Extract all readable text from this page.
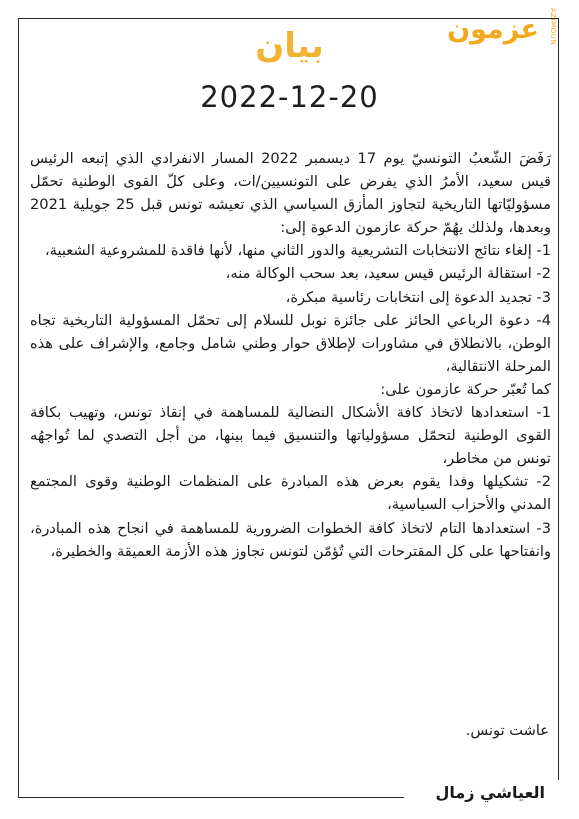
عزمون AZIMOUN
بيان
2022-12-20

رَفَضَ الشّعبُ التونسيّ يوم 17 ديسمبر 2022 المسار الانفرادي الذي إتبعه الرئيس قيس سعيد، الأمرُ الذي يفرض على التونسيين/ات، وعلى كلّ القوى الوطنية تحمّل مسؤوليّاتها التاريخية لتجاوز المأزق السياسي الذي تعيشه تونس قبل 25 جويلية 2021 وبعدها، ولذلك يهُمّ حركة عازمون الدعوة إلى:

1- إلغاء نتائج الانتخابات التشريعية والدور الثاني منها، لأنها فاقدة للمشروعية الشعبية،

2- استقالة الرئيس قيس سعيد، بعد سحب الوكالة منه،

3- تجديد الدعوة إلى انتخابات رئاسية مبكرة،

4- دعوة الرباعي الحائز على جائزة نوبل للسلام إلى تحمّل المسؤولية التاريخية تجاه الوطن، بالانطلاق في مشاورات لإطلاق حوار وطني شامل وجامع، والإشراف على هذه المرحلة الانتقالية،

كما تُعبّر حركة عازمون على:

1- استعدادها لاتخاذ كافة الأشكال النضالية للمساهمة في إنقاذ تونس، وتهيب بكافة القوى الوطنية لتحمّل مسؤولياتها والتنسيق فيما بينها، من أجل التصدي لما تُواجهُه تونس من مخاطر،

2- تشكيلها وفدا يقوم بعرض هذه المبادرة على المنظمات الوطنية وقوى المجتمع المدني والأحزاب السياسية،

3- استعدادها التام لاتخاذ كافة الخطوات الضرورية للمساهمة في انجاح هذه المبادرة، وانفتاحها على كل المقترحات التي تُؤمّن لتونس تجاوز هذه الأزمة العميقة والخطيرة،

عاشت تونس.
العياشي زمال
